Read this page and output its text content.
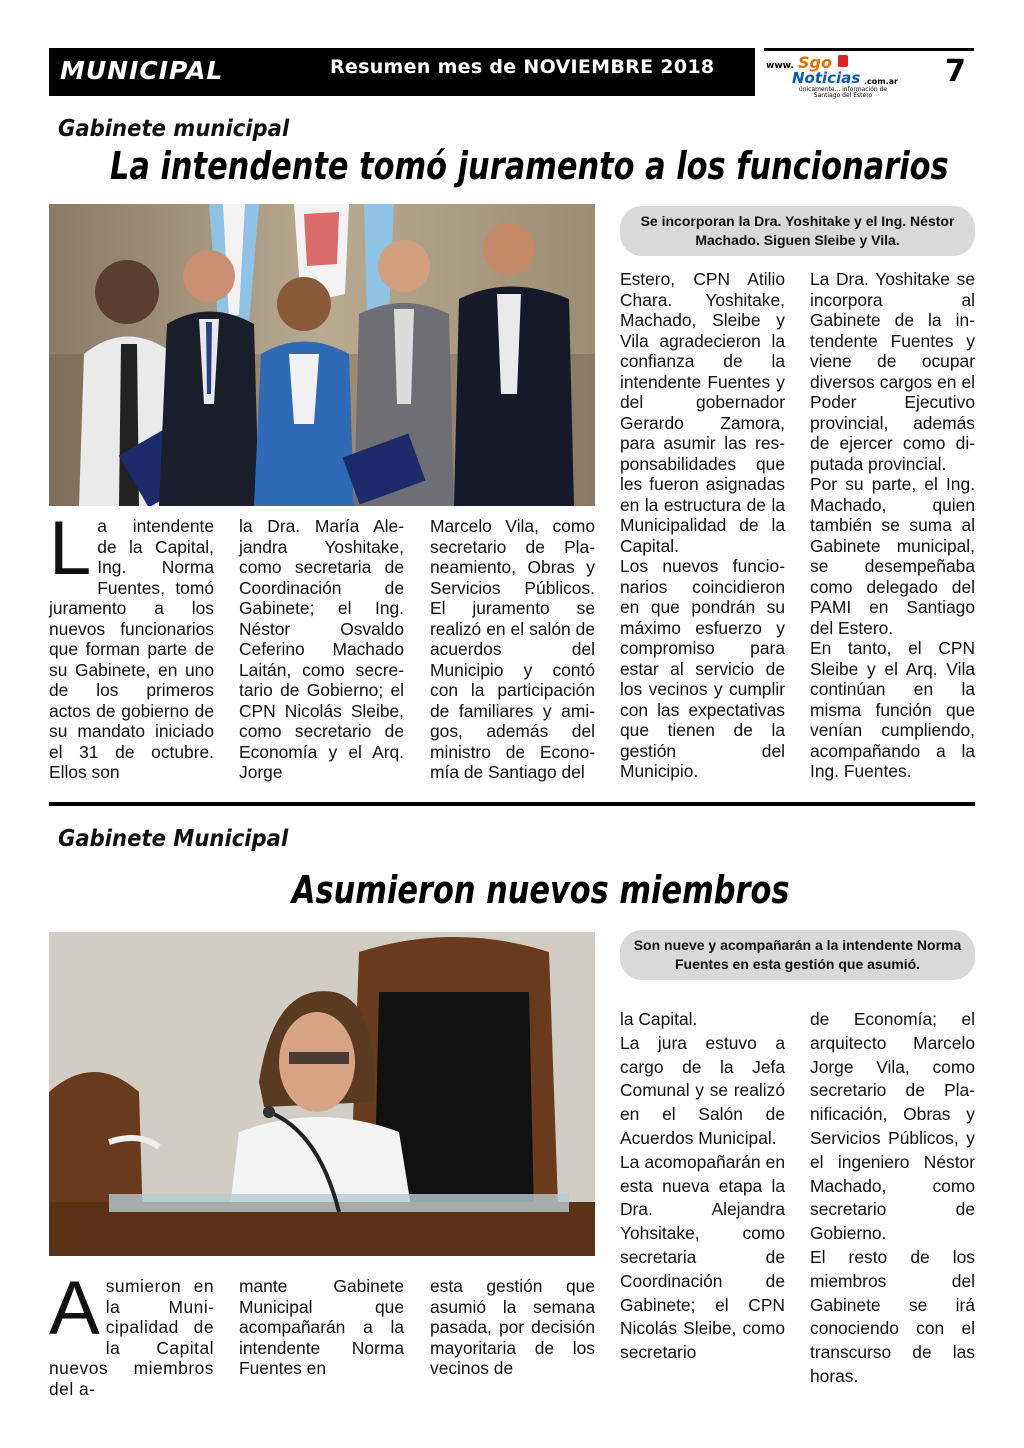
MUNICIPAL	Resumen mes de NOVIEMBRE 2018	www. Sgo
Noticias .com.ar
únicamente... información de Santiago del Estero
7
Gabinete municipal
La intendente tomó juramento a los funcionarios
Se incorporan la Dra. Yoshitake y el Ing. Néstor Machado. Siguen Sleibe y Vila.
La intendente de la Capital, Ing. Norma Fuentes, tomó juramento a los nuevos funcionarios que forman parte de su Gabinete, en uno de los primeros actos de gobierno de su mandato iniciado el 31 de octubre. Ellos son
la Dra. María Alejandra Yoshitake, como secretaria de Coordinación de Gabinete; el Ing. Néstor Osvaldo Ceferino Machado Laitán, como secretario de Gobierno; el CPN Nicolás Sleibe, como secretario de Economía y el Arq. Jorge
Marcelo Vila, como secretario de Planeamiento, Obras y Servicios Públicos. El juramento se realizó en el salón de acuerdos del Municipio y contó con la participación de familiares y amigos, además del ministro de Economía de Santiago del
Estero, CPN Atilio Chara. Yoshitake, Machado, Sleibe y Vila agradecieron la confianza de la intendente Fuentes y del gobernador Gerardo Zamora, para asumir las responsabilidades que les fueron asignadas en la estructura de la Municipalidad de la Capital.
Los nuevos funcionarios coincidieron en que pondrán su máximo esfuerzo y compromiso para estar al servicio de los vecinos y cumplir con las expectativas que tienen de la gestión del Municipio.
La Dra. Yoshitake se incorpora al Gabinete de la intendente Fuentes y viene de ocupar diversos cargos en el Poder Ejecutivo provincial, además de ejercer como diputada provincial.
Por su parte, el Ing. Machado, quien también se suma al Gabinete municipal, se desempeñaba como delegado del PAMI en Santiago del Estero.
En tanto, el CPN Sleibe y el Arq. Vila continúan en la misma función que venían cumpliendo, acompañando a la Ing. Fuentes.
Gabinete Municipal
Asumieron nuevos miembros
Son nueve y acompañarán a la intendente Norma Fuentes en esta gestión que asumió.
Asumieron en la Municipalidad de la Capital nuevos miembros del a-
mante Gabinete Municipal que acompañarán a la intendente Norma Fuentes en
esta gestión que asumió la semana pasada, por decisión mayoritaria de los vecinos de
la Capital.
La jura estuvo a cargo de la Jefa Comunal y se realizó en el Salón de Acuerdos Municipal.
La acomopañarán en esta nueva etapa la Dra. Alejandra Yohsitake, como secretaria de Coordinación de Gabinete; el CPN Nicolás Sleibe, como secretario
de Economía; el arquitecto Marcelo Jorge Vila, como secretario de Planificación, Obras y Servicios Públicos, y el ingeniero Néstor Machado, como secretario de Gobierno.
El resto de los miembros del Gabinete se irá conociendo con el transcurso de las horas.
